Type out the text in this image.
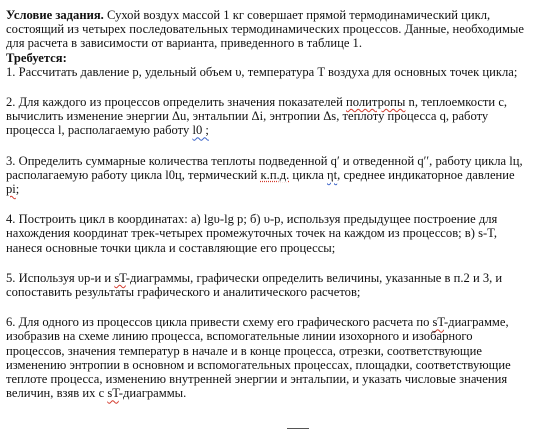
Условие задания. Сухой воздух массой 1 кг совершает прямой термодинамический цикл, состоящий из четырех последовательных термодинамических процессов. Данные, необходимые для расчета в зависимости от варианта, приведенного в таблице 1.

Требуется:

1. Рассчитать давление p, удельный объем υ, температура T воздуха для основных точек цикла;

2. Для каждого из процессов определить значения показателей политропы n, теплоемкости c, вычислить изменение энергии Δu, энтальпии Δi, энтропии Δs, теплоту процесса q, работу процесса l, располагаемую работу l0 ;

3. Определить суммарные количества теплоты подведенной q′ и отведенной q′′, работу цикла lц, располагаемую работу цикла l0ц, термический к.п.д. цикла ηt, среднее индикаторное давление pi;

4. Построить цикл в координатах: а) lgυ-lg p; б) υ-p, используя предыдущее построение для нахождения координат трек-четырех промежуточных точек на каждом из процессов; в) s-T, нанеся основные точки цикла и составляющие его процессы;

5. Используя υp-и и sT-диаграммы, графически определить величины, указанные в п.2 и 3, и сопоставить результаты графического и аналитического расчетов;

6. Для одного из процессов цикла привести схему его графического расчета по sT-диаграмме, изобразив на схеме линию процесса, вспомогательные линии изохорного и изобарного процессов, значения температур в начале и в конце процесса, отрезки, соответствующие изменению энтропии в основном и вспомогательных процессах, площадки, соответствующие теплоте процесса, изменению внутренней энергии и энтальпии, и указать числовые значения величин, взяв их с sT-диаграммы.
